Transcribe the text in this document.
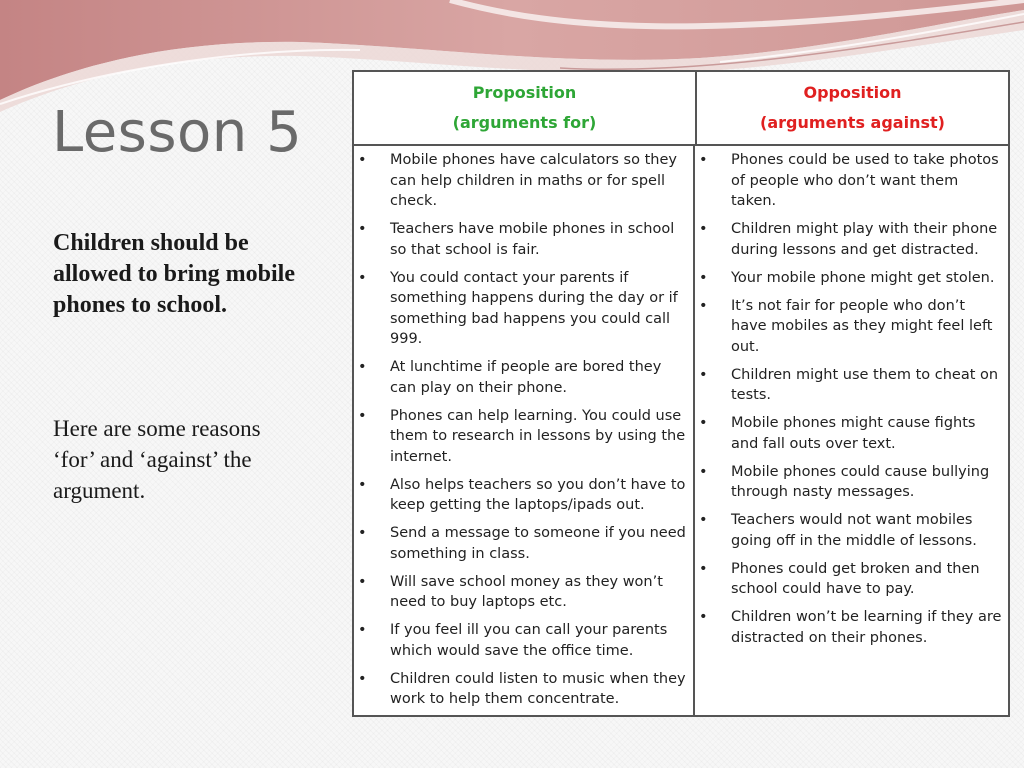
Lesson 5

Children should be allowed to bring mobile phones to school.

Here are some reasons ‘for’ and ‘against’ the argument.

Proposition
(arguments for)
Opposition
(arguments against)
• Mobile phones have calculators so they can help children in maths or for spell check.
• Teachers have mobile phones in school so that school is fair.
• You could contact your parents if something happens during the day or if something bad happens you could call 999.
• At lunchtime if people are bored they can play on their phone.
• Phones can help learning. You could use them to research in lessons by using the internet.
• Also helps teachers so you don’t have to keep getting the laptops/ipads out.
• Send a message to someone if you need something in class.
• Will save school money as they won’t need to buy laptops etc.
• If you feel ill you can call your parents which would save the office time.
• Children could listen to music when they work to help them concentrate.
• Phones could be used to take photos of people who don’t want them taken.
• Children might play with their phone during lessons and get distracted.
• Your mobile phone might get stolen.
• It’s not fair for people who don’t have mobiles as they might feel left out.
• Children might use them to cheat on tests.
• Mobile phones might cause fights and fall outs over text.
• Mobile phones could cause bullying through nasty messages.
• Teachers would not want mobiles going off in the middle of lessons.
• Phones could get broken and then school could have to pay.
• Children won’t be learning if they are distracted on their phones.
